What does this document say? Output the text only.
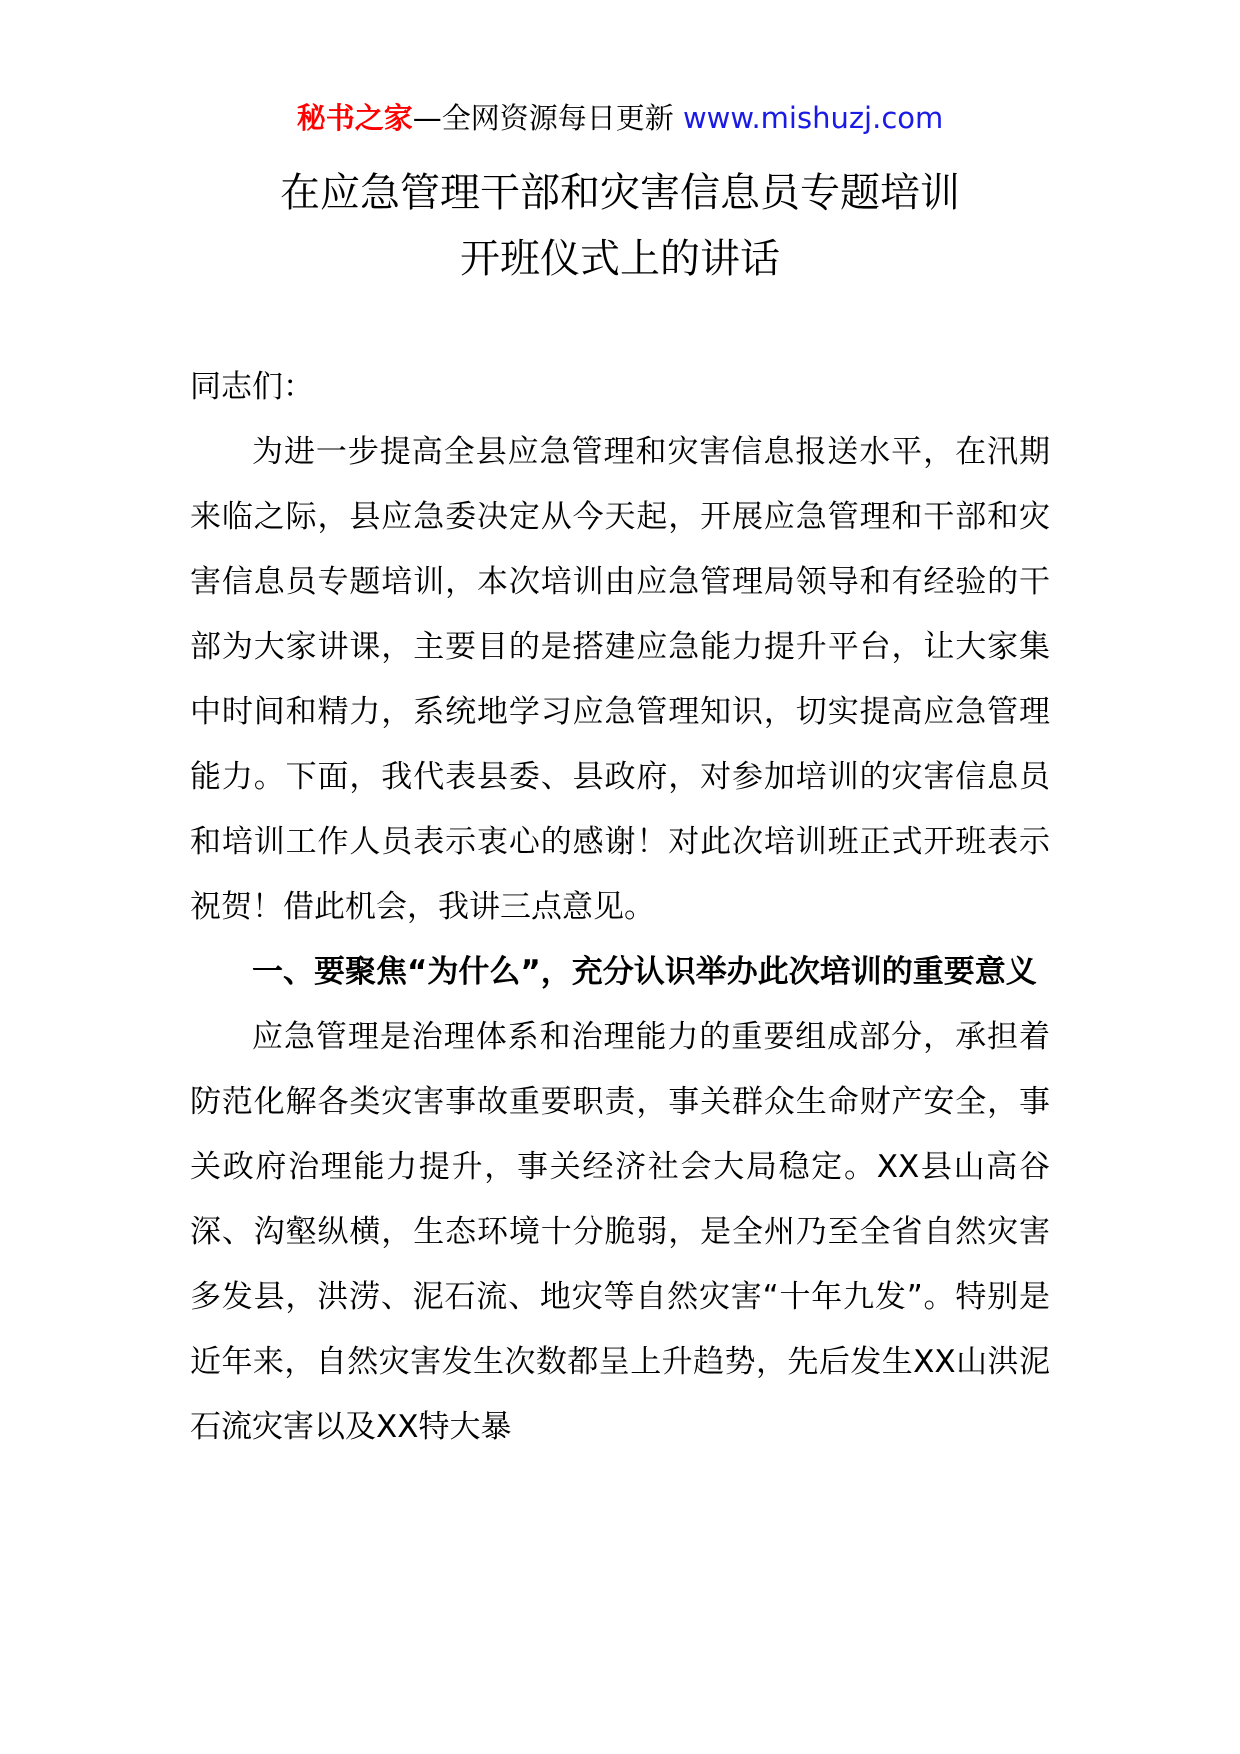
秘书之家—全网资源每日更新 www.mishuzj.com
在应急管理干部和灾害信息员专题培训
开班仪式上的讲话

同志们：

为进一步提高全县应急管理和灾害信息报送水平，在汛期来临之际，县应急委决定从今天起，开展应急管理和干部和灾害信息员专题培训，本次培训由应急管理局领导和有经验的干部为大家讲课，主要目的是搭建应急能力提升平台，让大家集中时间和精力，系统地学习应急管理知识，切实提高应急管理能力。下面，我代表县委、县政府，对参加培训的灾害信息员和培训工作人员表示衷心的感谢！对此次培训班正式开班表示祝贺！借此机会，我讲三点意见。

一、要聚焦“为什么”，充分认识举办此次培训的重要意义

应急管理是治理体系和治理能力的重要组成部分，承担着防范化解各类灾害事故重要职责，事关群众生命财产安全，事关政府治理能力提升，事关经济社会大局稳定。XX县山高谷深、沟壑纵横，生态环境十分脆弱，是全州乃至全省自然灾害多发县，洪涝、泥石流、地灾等自然灾害“十年九发”。特别是近年来，自然灾害发生次数都呈上升趋势，先后发生XX山洪泥石流灾害以及XX特大暴
